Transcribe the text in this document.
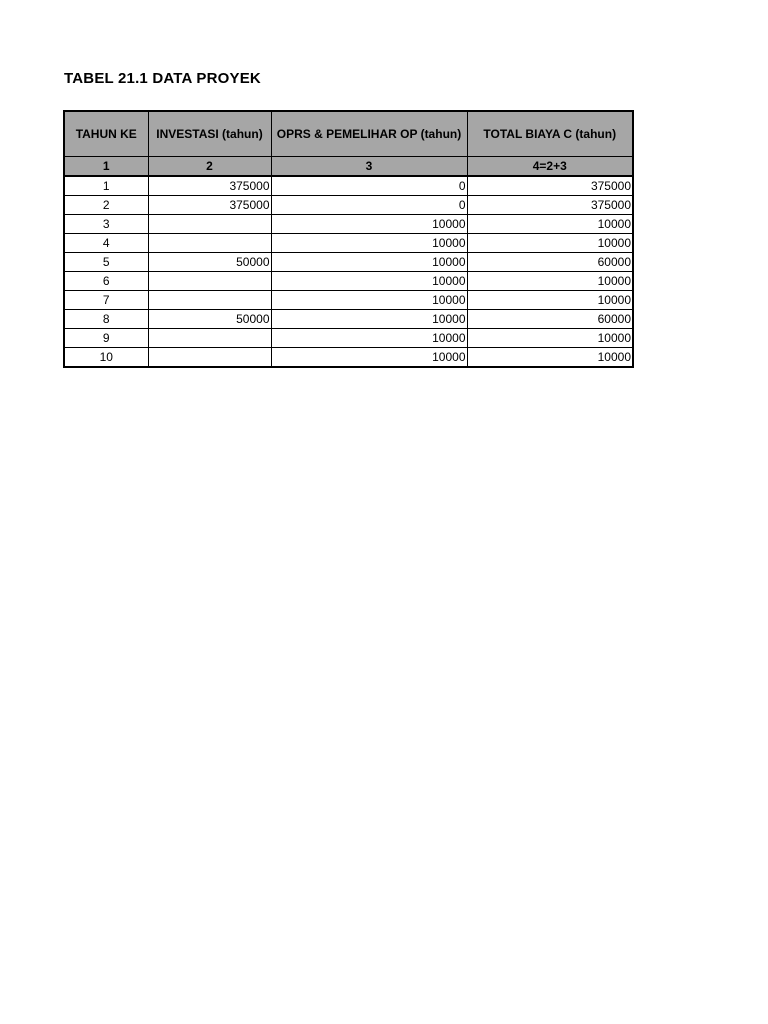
TABEL 21.1 DATA PROYEK
TAHUN KE	INVESTASI (tahun)	OPRS & PEMELIHAR OP (tahun)	TOTAL BIAYA C (tahun)
1	2	3	4=2+3
1	375000	0	375000
2	375000	0	375000
3		10000	10000
4		10000	10000
5	50000	10000	60000
6		10000	10000
7		10000	10000
8	50000	10000	60000
9		10000	10000
10		10000	10000
